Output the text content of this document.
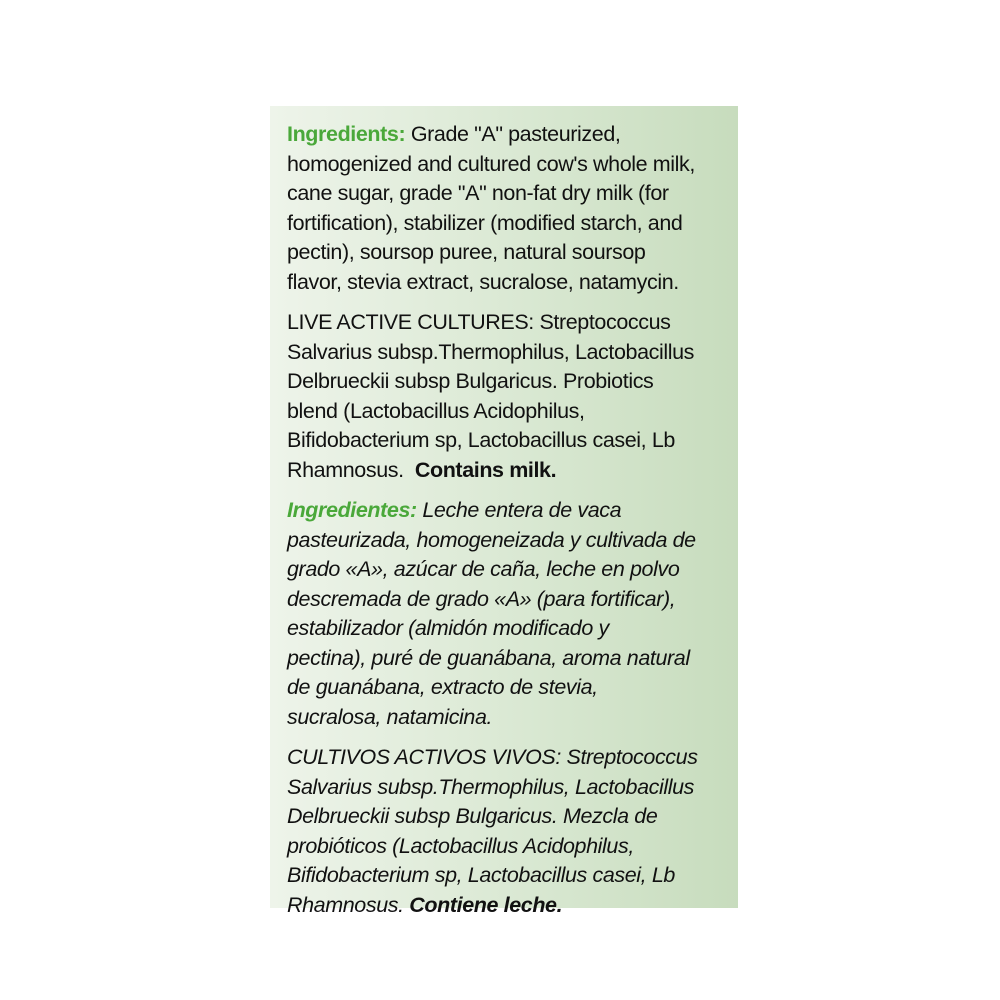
Ingredients: Grade "A" pasteurized,
homogenized and cultured cow's whole milk,
cane sugar, grade "A" non-fat dry milk (for
fortification), stabilizer (modified starch, and
pectin), soursop puree, natural soursop
flavor, stevia extract, sucralose, natamycin.

LIVE ACTIVE CULTURES: Streptococcus
Salvarius subsp.Thermophilus, Lactobacillus
Delbrueckii subsp Bulgaricus. Probiotics
blend (Lactobacillus Acidophilus,
Bifidobacterium sp, Lactobacillus casei, Lb
Rhamnosus.  Contains milk.

Ingredientes: Leche entera de vaca
pasteurizada, homogeneizada y cultivada de
grado «A», azúcar de caña, leche en polvo
descremada de grado «A» (para fortificar),
estabilizador (almidón modificado y
pectina), puré de guanábana, aroma natural
de guanábana, extracto de stevia,
sucralosa, natamicina.

CULTIVOS ACTIVOS VIVOS: Streptococcus
Salvarius subsp.Thermophilus, Lactobacillus
Delbrueckii subsp Bulgaricus. Mezcla de
probióticos (Lactobacillus Acidophilus,
Bifidobacterium sp, Lactobacillus casei, Lb
Rhamnosus. Contiene leche.
